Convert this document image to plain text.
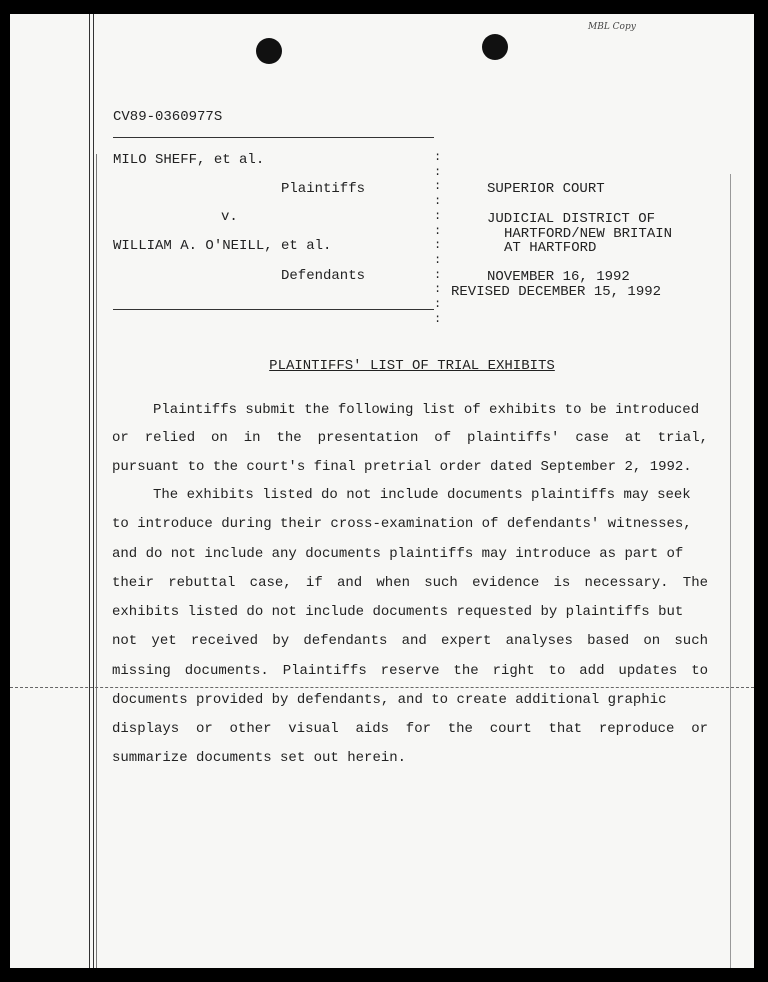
MBL Copy
CV89-0360977S
:
:
:
:
:
:
:
:
:
:
:
:
MILO SHEFF, et al.
Plaintiffs
v.
WILLIAM A. O'NEILL, et al.
Defendants
SUPERIOR COURT
JUDICIAL DISTRICT OF
HARTFORD/NEW BRITAIN
AT HARTFORD
NOVEMBER 16, 1992
REVISED DECEMBER 15, 1992
PLAINTIFFS' LIST OF TRIAL EXHIBITS
Plaintiffs submit the following list of exhibits to be introduced
or relied on in the presentation of plaintiffs' case at trial,
pursuant to the court's final pretrial order dated September 2, 1992.
The exhibits listed do not include documents plaintiffs may seek
to introduce during their cross-examination of defendants' witnesses,
and do not include any documents plaintiffs may introduce as part of
their rebuttal case, if and when such evidence is necessary. The
exhibits listed do not include documents requested by plaintiffs but
not yet received by defendants and expert analyses based on such
missing documents. Plaintiffs reserve the right to add updates to
documents provided by defendants, and to create additional graphic
displays or other visual aids for the court that reproduce or
summarize documents set out herein.
